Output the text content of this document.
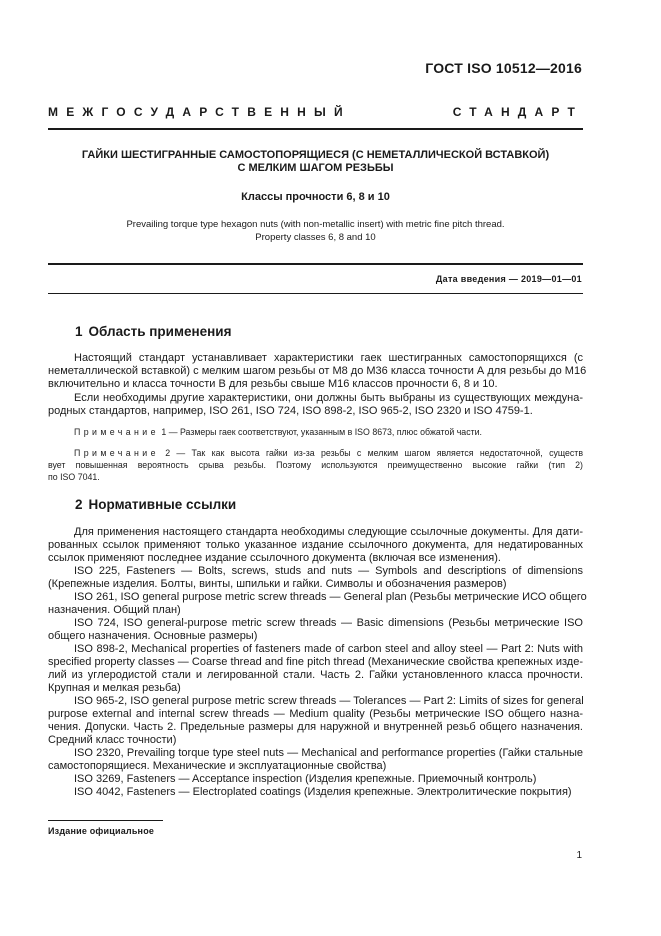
ГОСТ ISO 10512—2016
МЕЖГОСУДАРСТВЕННЫЙ СТАНДАРТ
ГАЙКИ ШЕСТИГРАННЫЕ САМОСТОПОРЯЩИЕСЯ (С НЕМЕТАЛЛИЧЕСКОЙ ВСТАВКОЙ)
С МЕЛКИМ ШАГОМ РЕЗЬБЫ
Классы прочности 6, 8 и 10
Prevailing torque type hexagon nuts (with non-metallic insert) with metric fine pitch thread.
Property classes 6, 8 and 10
Дата введения — 2019—01—01
1 Область применения
Настоящий стандарт устанавливает характеристики гаек шестигранных самостопорящихся (с
неметаллической вставкой) с мелким шагом резьбы от М8 до М36 класса точности А для резьбы до М16
включительно и класса точности В для резьбы свыше М16 классов прочности 6, 8 и 10.
Если необходимы другие характеристики, они должны быть выбраны из существующих междуна-
родных стандартов, например, ISO 261, ISO 724, ISO 898-2, ISO 965-2, ISO 2320 и ISO 4759-1.
Примечание 1 — Размеры гаек соответствуют, указанным в ISO 8673, плюс обжатой части.
Примечание 2 — Так как высота гайки из-за резьбы с мелким шагом является недостаточной, существ
вует повышенная вероятность срыва резьбы. Поэтому используются преимущественно высокие гайки (тип 2)
по ISO 7041.
2 Нормативные ссылки
Для применения настоящего стандарта необходимы следующие ссылочные документы. Для дати-
рованных ссылок применяют только указанное издание ссылочного документа, для недатированных
ссылок применяют последнее издание ссылочного документа (включая все изменения).
ISO 225, Fasteners — Bolts, screws, studs and nuts — Symbols and descriptions of dimensions
(Крепежные изделия. Болты, винты, шпильки и гайки. Символы и обозначения размеров)
ISO 261, ISO general purpose metric screw threads — General plan (Резьбы метрические ИСО общего
назначения. Общий план)
ISO 724, ISO general-purpose metric screw threads — Basic dimensions (Резьбы метрические ISO
общего назначения. Основные размеры)
ISO 898-2, Mechanical properties of fasteners made of carbon steel and alloy steel — Part 2: Nuts with
specified property classes — Coarse thread and fine pitch thread (Механические свойства крепежных изде-
лий из углеродистой стали и легированной стали. Часть 2. Гайки установленного класса прочности.
Крупная и мелкая резьба)
ISO 965-2, ISO general purpose metric screw threads — Tolerances — Part 2: Limits of sizes for general
purpose external and internal screw threads — Medium quality (Резьбы метрические ISO общего назна-
чения. Допуски. Часть 2. Предельные размеры для наружной и внутренней резьб общего назначения.
Средний класс точности)
ISO 2320, Prevailing torque type steel nuts — Mechanical and performance properties (Гайки стальные
самостопорящиеся. Механические и эксплуатационные свойства)
ISO 3269, Fasteners — Acceptance inspection (Изделия крепежные. Приемочный контроль)
ISO 4042, Fasteners — Electroplated coatings (Изделия крепежные. Электролитические покрытия)
Издание официальное
1
